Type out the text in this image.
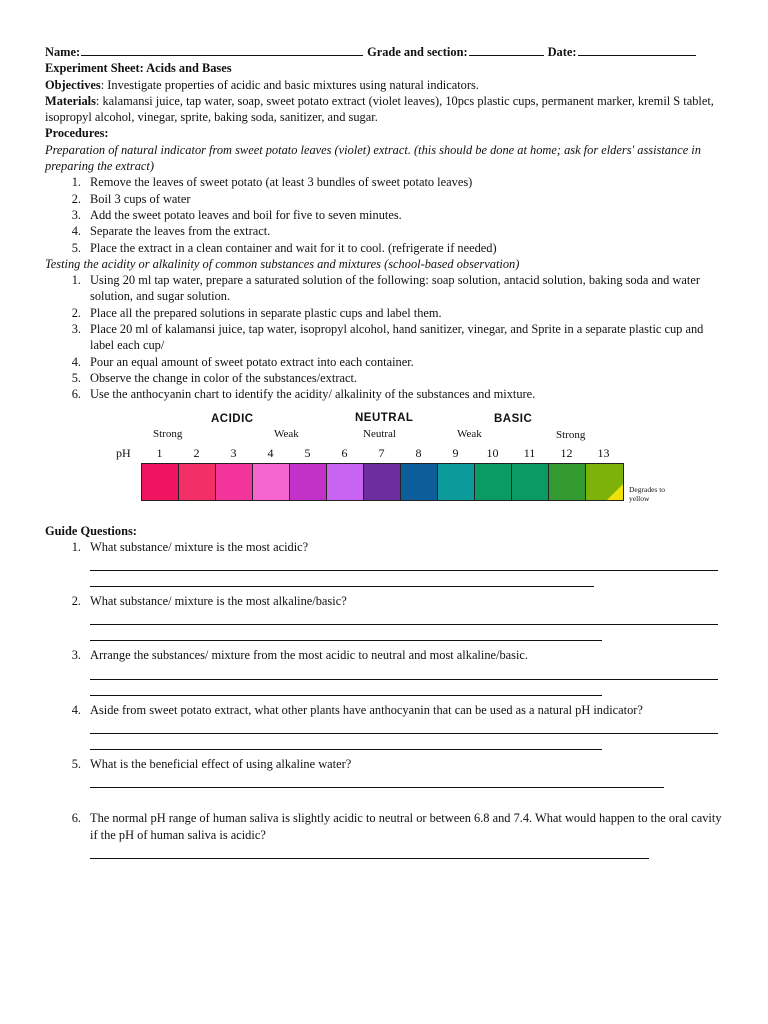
Name:	Grade and section:	Date:
Experiment Sheet: Acids and Bases
Objectives: Investigate properties of acidic and basic mixtures using natural indicators.
Materials: kalamansi juice, tap water, soap, sweet potato extract (violet leaves), 10pcs plastic cups, permanent marker, kremil S tablet, isopropyl alcohol, vinegar, sprite, baking soda, sanitizer, and sugar.
Procedures:
Preparation of natural indicator from sweet potato leaves (violet) extract. (this should be done at home; ask for elders' assistance in preparing the extract)
1. Remove the leaves of sweet potato (at least 3 bundles of sweet potato leaves)
2. Boil 3 cups of water
3. Add the sweet potato leaves and boil for five to seven minutes.
4. Separate the leaves from the extract.
5. Place the extract in a clean container and wait for it to cool. (refrigerate if needed)
Testing the acidity or alkalinity of common substances and mixtures (school-based observation)
1. Using 20 ml tap water, prepare a saturated solution of the following: soap solution, antacid solution, baking soda and water solution, and sugar solution.
2. Place all the prepared solutions in separate plastic cups and label them.
3. Place 20 ml of kalamansi juice, tap water, isopropyl alcohol, hand sanitizer, vinegar, and Sprite in a separate plastic cup and label each cup/
4. Pour an equal amount of sweet potato extract into each container.
5. Observe the change in color of the substances/extract.
6. Use the anthocyanin chart to identify the acidity/ alkalinity of the substances and mixture.
ACIDIC	NEUTRAL	BASIC
Strong	Weak	Neutral	Weak	Strong
pH	1	2	3	4	5	6	7	8	9	10	11	12	13
Degrades to yellow
Guide Questions:
1. What substance/ mixture is the most acidic?
2. What substance/ mixture is the most alkaline/basic?
3. Arrange the substances/ mixture from the most acidic to neutral and most alkaline/basic.
4. Aside from sweet potato extract, what other plants have anthocyanin that can be used as a natural pH indicator?
5. What is the beneficial effect of using alkaline water?
6. The normal pH range of human saliva is slightly acidic to neutral or between 6.8 and 7.4. What would happen to the oral cavity if the pH of human saliva is acidic?
